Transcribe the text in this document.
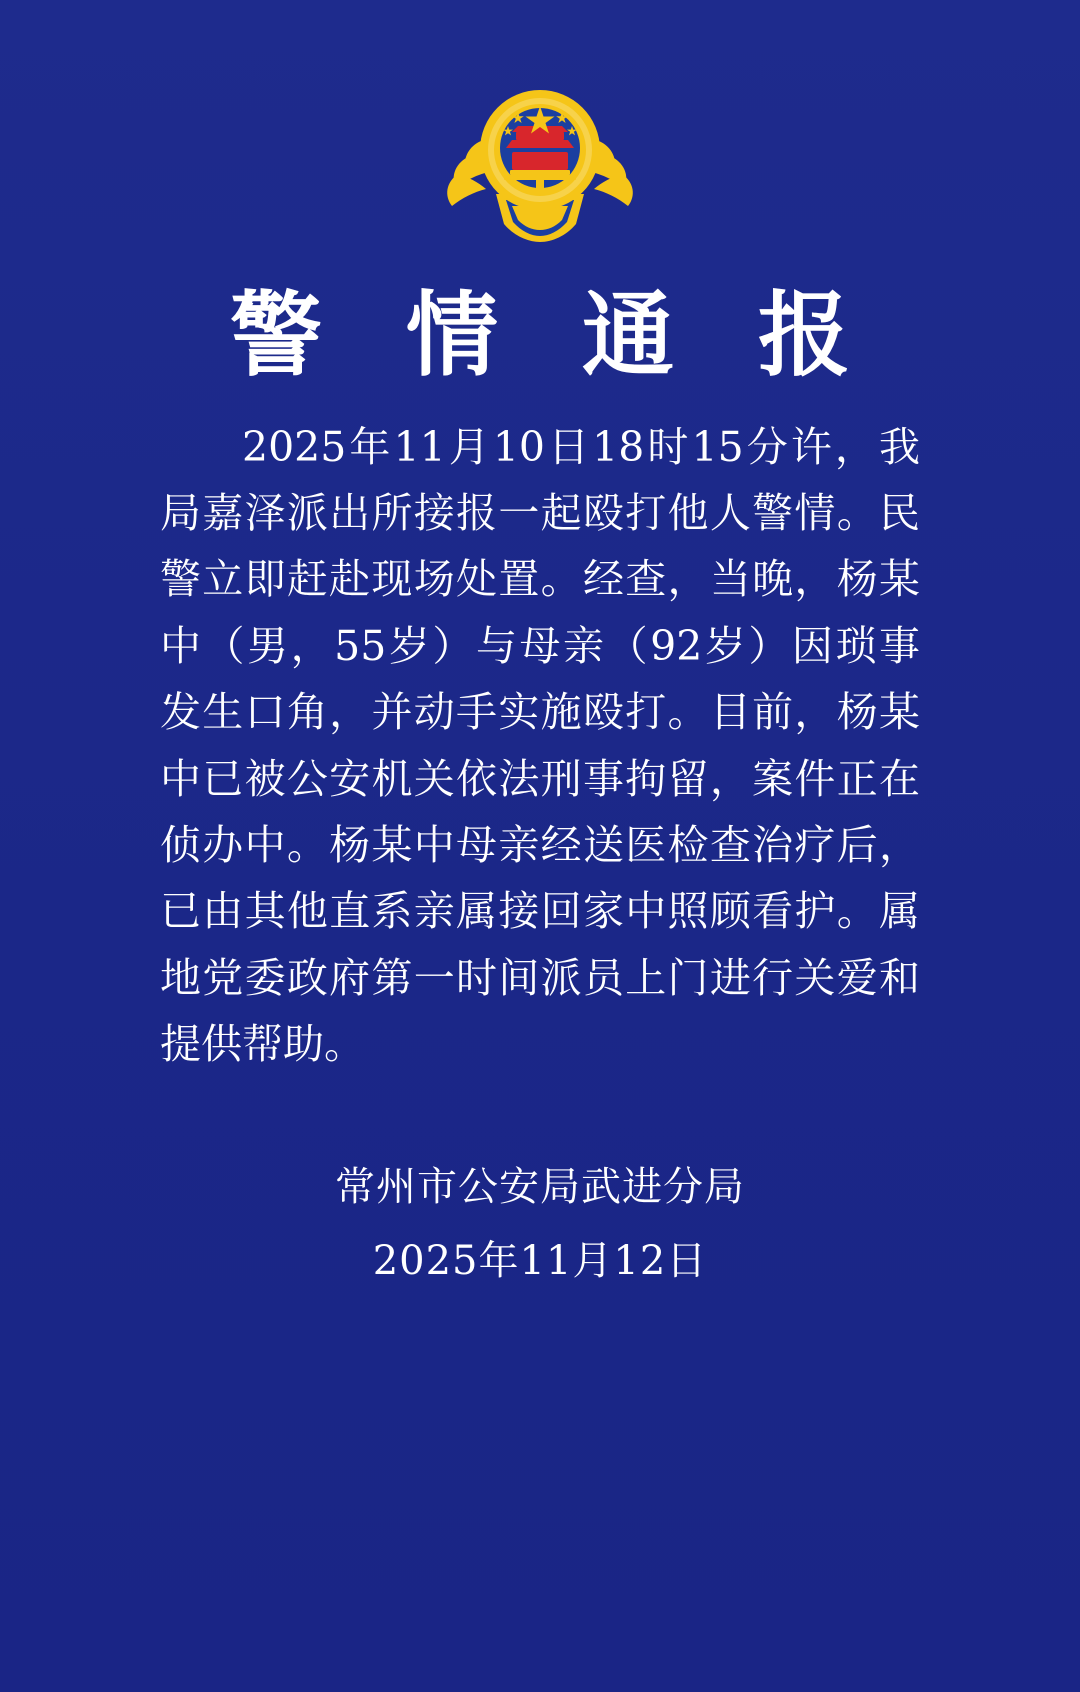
警 情 通 报

2025年11月10日18时15分许，我局嘉泽派出所接报一起殴打他人警情。民警立即赶赴现场处置。经查，当晚，杨某中（男，55岁）与母亲（92岁）因琐事发生口角，并动手实施殴打。目前，杨某中已被公安机关依法刑事拘留，案件正在侦办中。杨某中母亲经送医检查治疗后，已由其他直系亲属接回家中照顾看护。属地党委政府第一时间派员上门进行关爱和提供帮助。

常州市公安局武进分局
2025年11月12日
